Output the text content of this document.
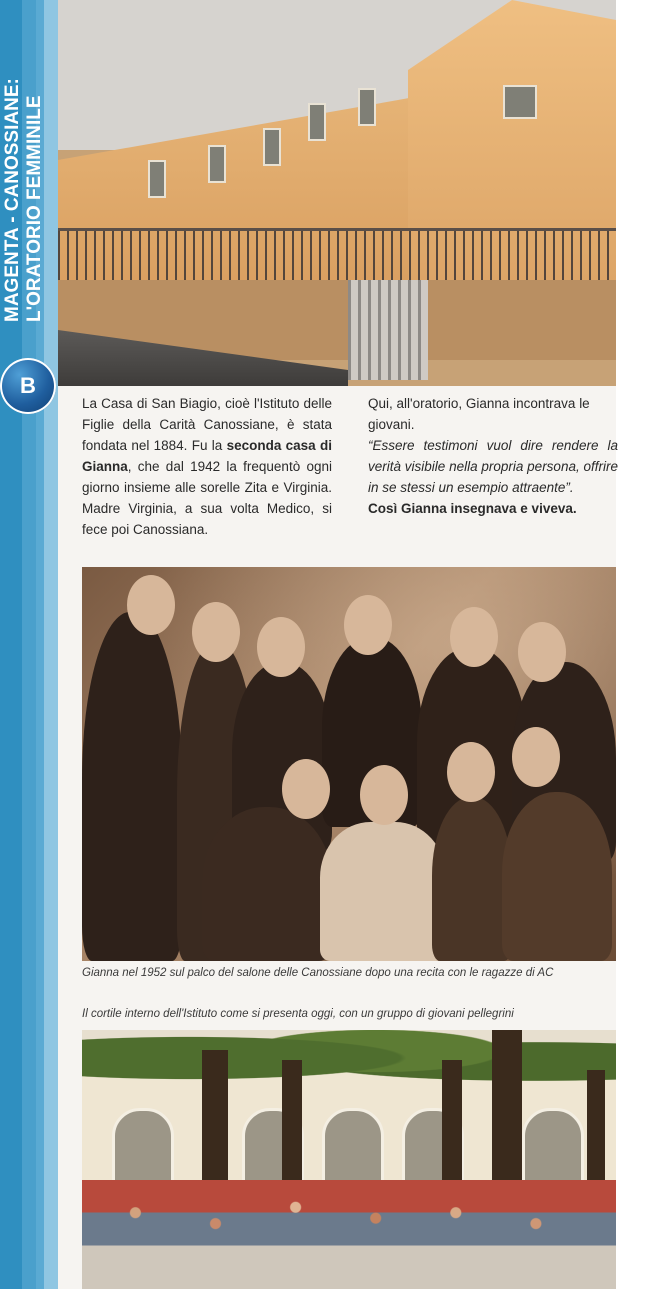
MAGENTA - CANOSSIANE: L'ORATORIO FEMMINILE
B
La Casa di San Biagio, cioè l'Istituto delle Figlie della Carità Canossiane, è stata fondata nel 1884. Fu la seconda casa di Gianna, che dal 1942 la frequentò ogni giorno insieme alle sorelle Zita e Virginia. Madre Virginia, a sua volta Medico, si fece poi Canossiana.

Qui, all'oratorio, Gianna incontrava le giovani.

“Essere testimoni vuol dire rendere la verità visibile nella propria persona, offrire in se stessi un esempio attraente”.

Così Gianna insegnava e viveva.

Gianna nel 1952 sul palco del salone delle Canossiane dopo una recita con le ragazze di AC
Il cortile interno dell'Istituto come si presenta oggi, con un gruppo di giovani pellegrini
